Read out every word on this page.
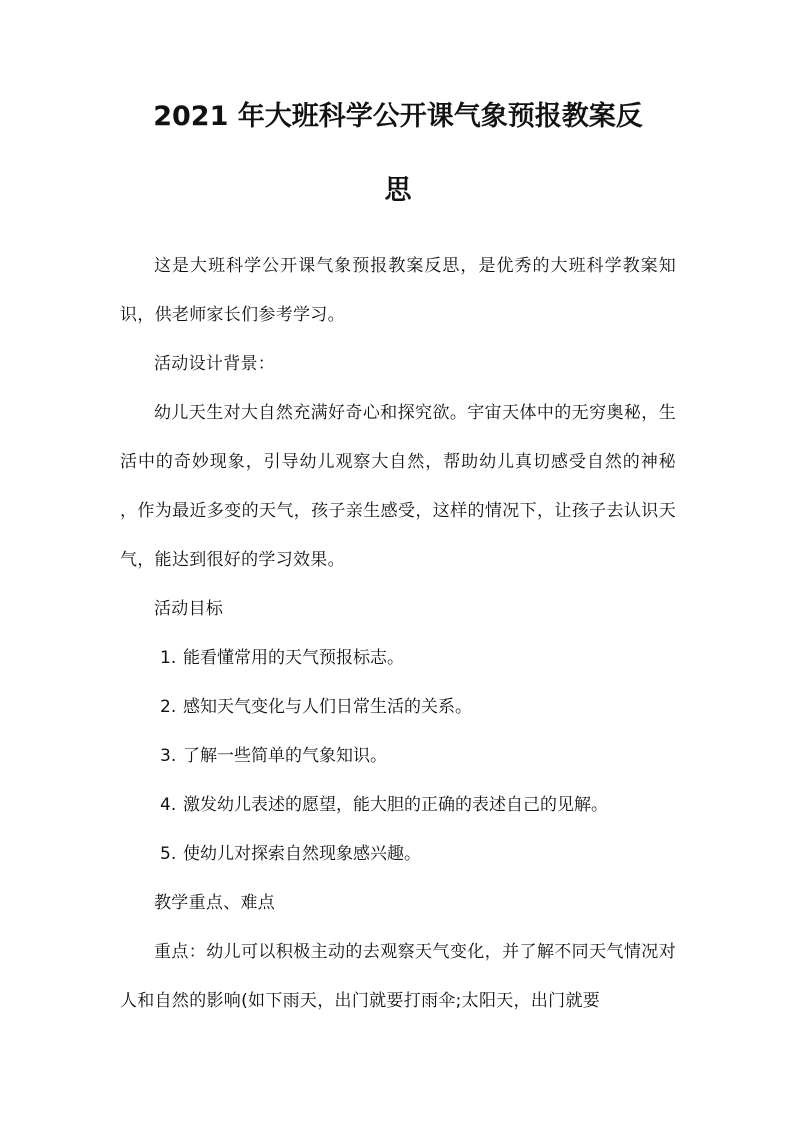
2021 年大班科学公开课气象预报教案反
思

这是大班科学公开课气象预报教案反思，是优秀的大班科学教案知识，供老师家长们参考学习。

活动设计背景：

幼儿天生对大自然充满好奇心和探究欲。宇宙天体中的无穷奥秘，生活中的奇妙现象，引导幼儿观察大自然，帮助幼儿真切感受自然的神秘 ，作为最近多变的天气，孩子亲生感受，这样的情况下，让孩子去认识天气，能达到很好的学习效果。

活动目标

1. 能看懂常用的天气预报标志。

2. 感知天气变化与人们日常生活的关系。

3. 了解一些简单的气象知识。

4. 激发幼儿表述的愿望，能大胆的正确的表述自己的见解。

5. 使幼儿对探索自然现象感兴趣。

教学重点、难点

重点：幼儿可以积极主动的去观察天气变化，并了解不同天气情况对人和自然的影响(如下雨天，出门就要打雨伞;太阳天，出门就要
